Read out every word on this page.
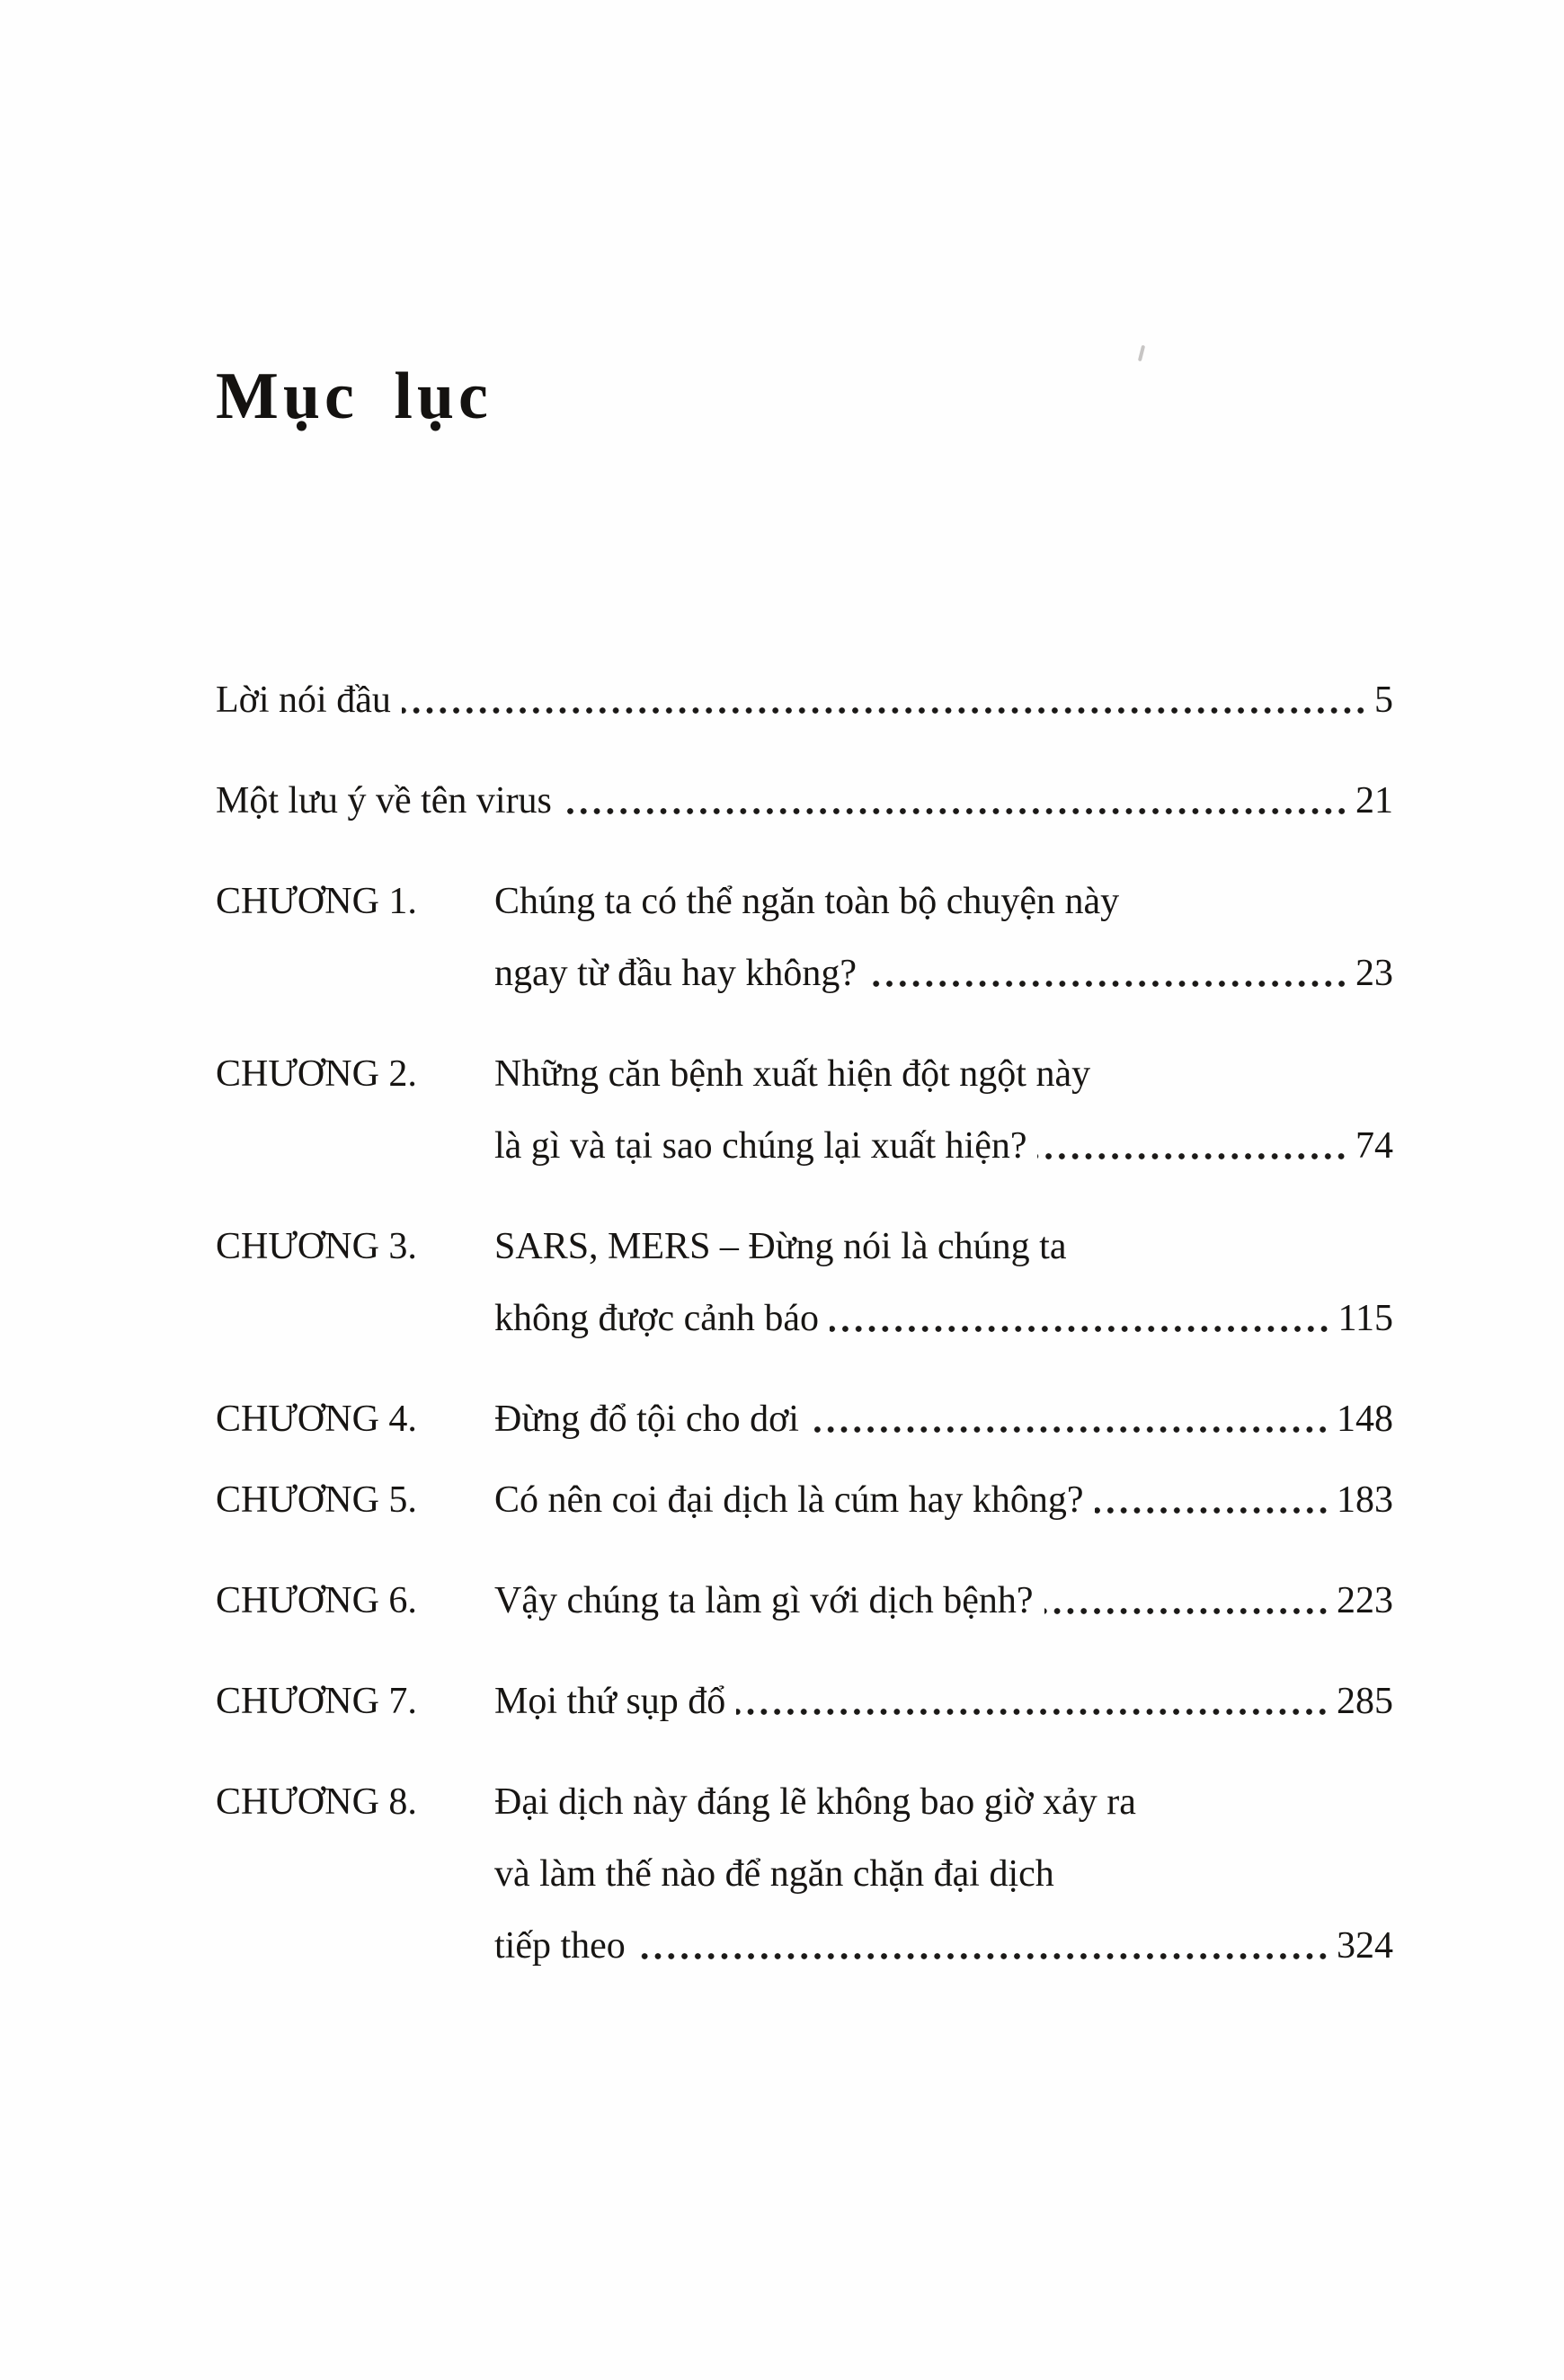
Mục lục
Lời nói đầu	5
Một lưu ý về tên virus	21
CHƯƠNG 1.	Chúng ta có thể ngăn toàn bộ chuyện này
ngay từ đầu hay không?	23
CHƯƠNG 2.	Những căn bệnh xuất hiện đột ngột này
là gì và tại sao chúng lại xuất hiện?	74
CHƯƠNG 3.	SARS, MERS – Đừng nói là chúng ta
không được cảnh báo	115
CHƯƠNG 4.	Đừng đổ tội cho dơi	148
CHƯƠNG 5.	Có nên coi đại dịch là cúm hay không?	183
CHƯƠNG 6.	Vậy chúng ta làm gì với dịch bệnh?	223
CHƯƠNG 7.	Mọi thứ sụp đổ	285
CHƯƠNG 8.	Đại dịch này đáng lẽ không bao giờ xảy ra
và làm thế nào để ngăn chặn đại dịch
tiếp theo	324
